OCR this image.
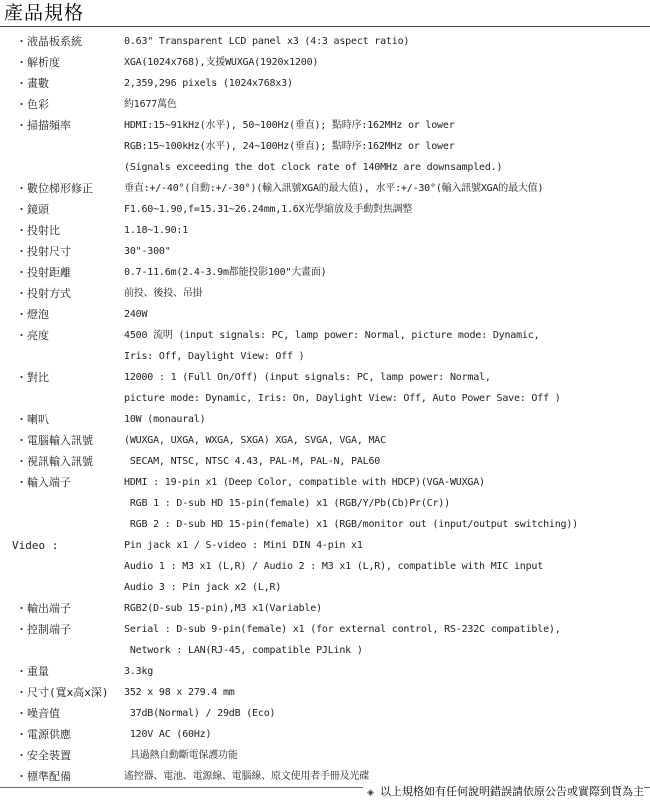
產品規格
・液晶板系統	0.63" Transparent LCD panel x3 (4:3 aspect ratio)
・解析度	XGA(1024x768),支援WUXGA(1920x1200)
・畫數	2,359,296 pixels (1024x768x3)
・色彩	約1677萬色
・掃描頻率	HDMI:15~91kHz(水平), 50~100Hz(垂直); 點時序:162MHz or lower
RGB:15~100kHz(水平), 24~100Hz(垂直); 點時序:162MHz or lower
(Signals exceeding the dot clock rate of 140MHz are downsampled.)
・數位梯形修正	垂直:+/-40°(自動:+/-30°)(輸入訊號XGA的最大值), 水平:+/-30°(輸入訊號XGA的最大值)
・鏡頭	F1.60~1.90,f=15.31~26.24mm,1.6X光學縮放及手動對焦調整
・投射比	1.18~1.90:1
・投射尺寸	30"-300"
・投射距離	0.7-11.6m(2.4-3.9m都能投影100"大畫面)
・投射方式	前投、後投、吊掛
・燈泡	240W
・亮度	4500 流明 (input signals: PC, lamp power: Normal, picture mode: Dynamic,
Iris: Off, Daylight View: Off )
・對比	12000 : 1 (Full On/Off) (input signals: PC, lamp power: Normal,
picture mode: Dynamic, Iris: On, Daylight View: Off, Auto Power Save: Off )
・喇叭	10W (monaural)
・電腦輸入訊號	(WUXGA, UXGA, WXGA, SXGA) XGA, SVGA, VGA, MAC
・視訊輸入訊號	SECAM, NTSC, NTSC 4.43, PAL-M, PAL-N, PAL60
・輸入端子	HDMI : 19-pin x1 (Deep Color, compatible with HDCP)(VGA-WUXGA)
RGB 1 : D-sub HD 15-pin(female) x1 (RGB/Y/Pb(Cb)Pr(Cr))
RGB 2 : D-sub HD 15-pin(female) x1 (RGB/monitor out (input/output switching))
Video :	Pin jack x1 / S-video : Mini DIN 4-pin x1
Audio 1 : M3 x1 (L,R) / Audio 2 : M3 x1 (L,R), compatible with MIC input
Audio 3 : Pin jack x2 (L,R)
・輸出端子	RGB2(D-sub 15-pin),M3 x1(Variable)
・控制端子	Serial : D-sub 9-pin(female) x1 (for external control, RS-232C compatible),
Network : LAN(RJ-45, compatible PJLink )
・重量	3.3kg
・尺寸(寬x高x深)	352 x 98 x 279.4 mm
・噪音值	37dB(Normal) / 29dB (Eco)
・電源供應	120V AC (60Hz)
・安全裝置	具過熱自動斷電保護功能
・標準配備	遙控器、電池、電源線、電腦線、原文使用者手冊及光碟
◈ 以上規格如有任何說明錯誤請依原公告或實際到貨為主
